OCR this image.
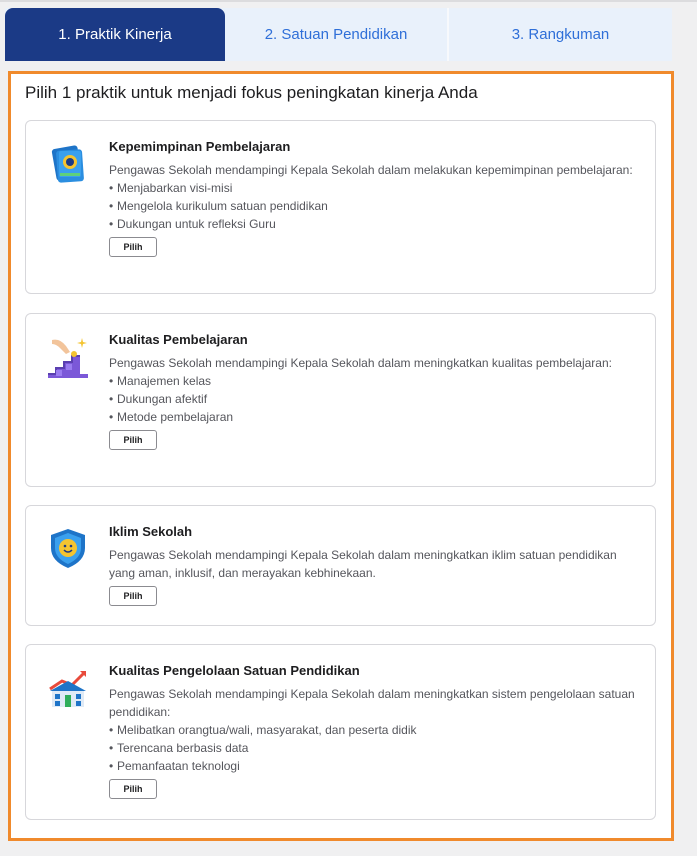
1. Praktik Kinerja	2. Satuan Pendidikan	3. Rangkuman
Pilih 1 praktik untuk menjadi fokus peningkatan kinerja Anda
Kepemimpinan Pembelajaran
Pengawas Sekolah mendampingi Kepala Sekolah dalam melakukan kepemimpinan pembelajaran:
• Menjabarkan visi-misi
• Mengelola kurikulum satuan pendidikan
• Dukungan untuk refleksi Guru
Pilih
Kualitas Pembelajaran
Pengawas Sekolah mendampingi Kepala Sekolah dalam meningkatkan kualitas pembelajaran:
• Manajemen kelas
• Dukungan afektif
• Metode pembelajaran
Pilih
Iklim Sekolah
Pengawas Sekolah mendampingi Kepala Sekolah dalam meningkatkan iklim satuan pendidikan yang aman, inklusif, dan merayakan kebhinekaan.
Pilih
Kualitas Pengelolaan Satuan Pendidikan
Pengawas Sekolah mendampingi Kepala Sekolah dalam meningkatkan sistem pengelolaan satuan pendidikan:
• Melibatkan orangtua/wali, masyarakat, dan peserta didik
• Terencana berbasis data
• Pemanfaatan teknologi
Pilih
